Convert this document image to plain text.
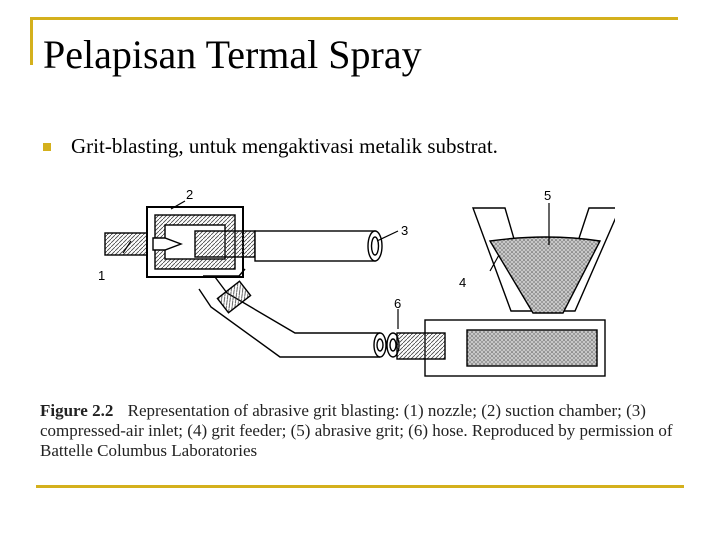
Pelapisan Termal Spray
Grit-blasting, untuk mengaktivasi metalik substrat.
2
1
3
4
5
6
Figure 2.2 Representation of abrasive grit blasting: (1) nozzle; (2) suction chamber; (3) compressed-air inlet; (4) grit feeder; (5) abrasive grit; (6) hose. Reproduced by permission of Battelle Columbus Laboratories
